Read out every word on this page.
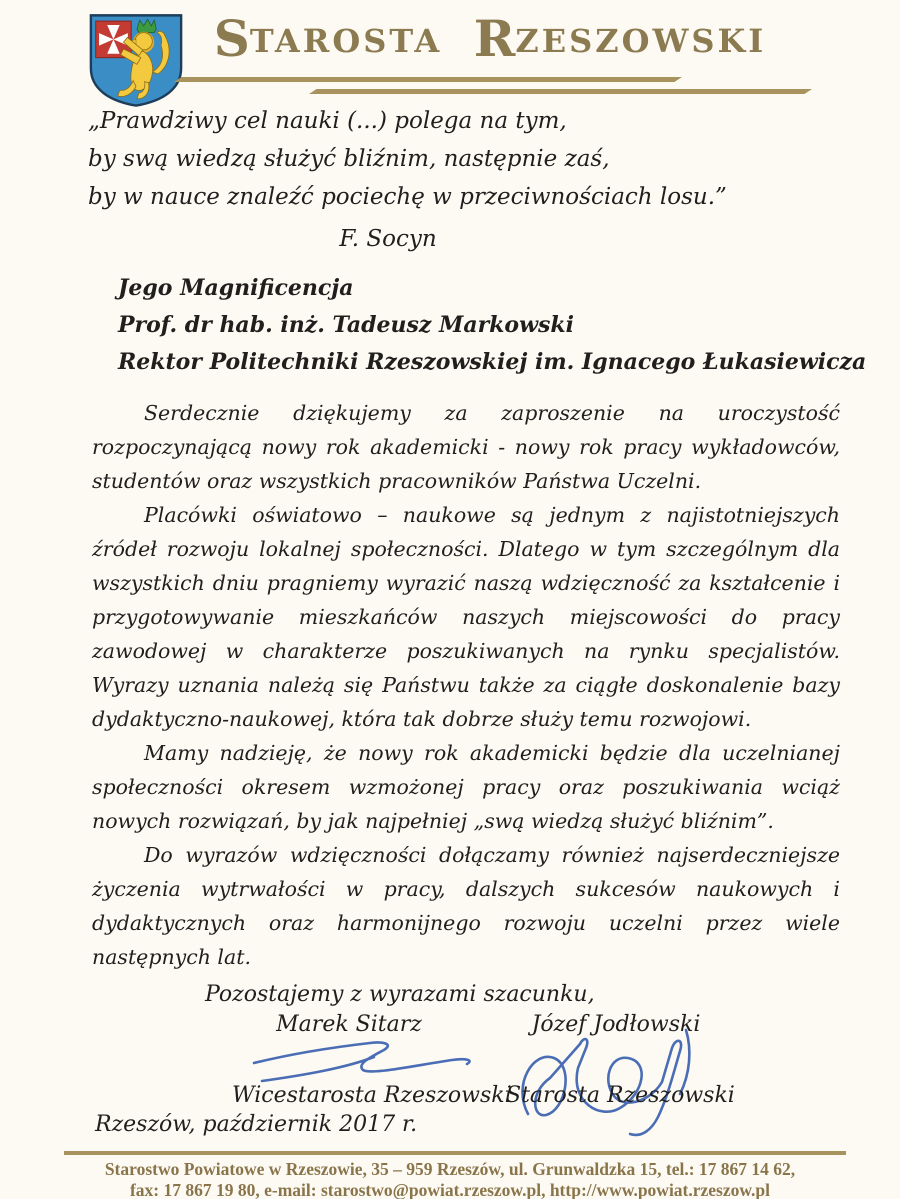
STAROSTA RZESZOWSKI
„Prawdziwy cel nauki (...) polega na tym,
by swą wiedzą służyć bliźnim, następnie zaś,
by w nauce znaleźć pociechę w przeciwnościach losu.”
F. Socyn
Jego Magnificencja
Prof. dr hab. inż. Tadeusz Markowski
Rektor Politechniki Rzeszowskiej im. Ignacego Łukasiewicza

Serdecznie dziękujemy za zaproszenie na uroczystość rozpoczynającą nowy rok akademicki - nowy rok pracy wykładowców, studentów oraz wszystkich pracowników Państwa Uczelni.

Placówki oświatowo – naukowe są jednym z najistotniejszych źródeł rozwoju lokalnej społeczności. Dlatego w tym szczególnym dla wszystkich dniu pragniemy wyrazić naszą wdzięczność za kształcenie i przygotowywanie mieszkańców naszych miejscowości do pracy zawodowej w charakterze poszukiwanych na rynku specjalistów. Wyrazy uznania należą się Państwu także za ciągłe doskonalenie bazy dydaktyczno-naukowej, która tak dobrze służy temu rozwojowi.

Mamy nadzieję, że nowy rok akademicki będzie dla uczelnianej społeczności okresem wzmożonej pracy oraz poszukiwania wciąż nowych rozwiązań, by jak najpełniej „swą wiedzą służyć bliźnim”.

Do wyrazów wdzięczności dołączamy również najserdeczniejsze życzenia wytrwałości w pracy, dalszych sukcesów naukowych i dydaktycznych oraz harmonijnego rozwoju uczelni przez wiele następnych lat.

Pozostajemy z wyrazami szacunku,
Marek Sitarz	Józef Jodłowski
Wicestarosta Rzeszowski
Starosta Rzeszowski
Rzeszów, październik 2017 r.
Starostwo Powiatowe w Rzeszowie, 35 – 959 Rzeszów, ul. Grunwaldzka 15, tel.: 17 867 14 62,
fax: 17 867 19 80, e-mail: starostwo@powiat.rzeszow.pl, http://www.powiat.rzeszow.pl
